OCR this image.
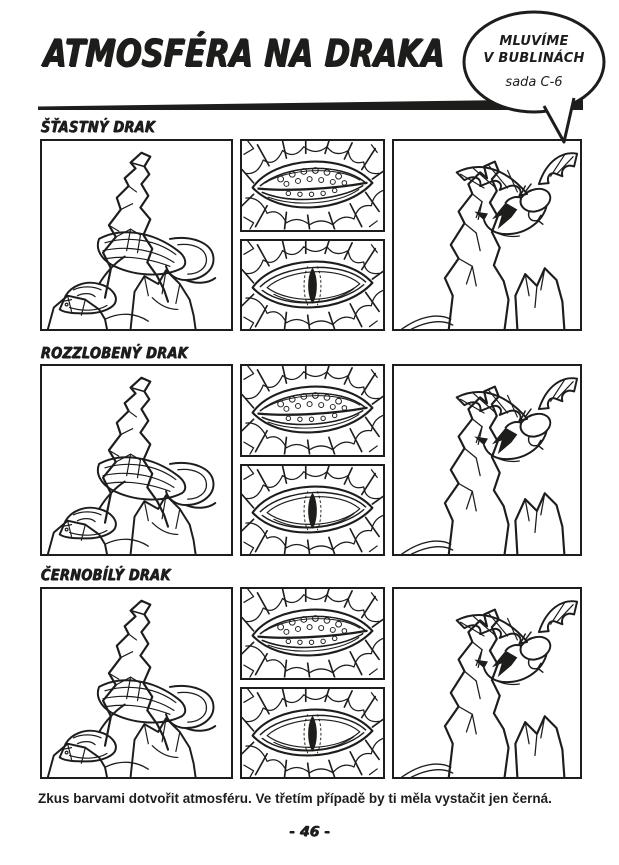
ATMOSFÉRA NA DRAKA	MLUVÍME
V BUBLINÁCH
sada C-6
ŠŤASTNÝ DRAK
ROZZLOBENÝ DRAK
ČERNOBÍLÝ DRAK
Zkus barvami dotvořit atmosféru. Ve třetím případě by ti měla vystačit jen černá.
- 46 -
